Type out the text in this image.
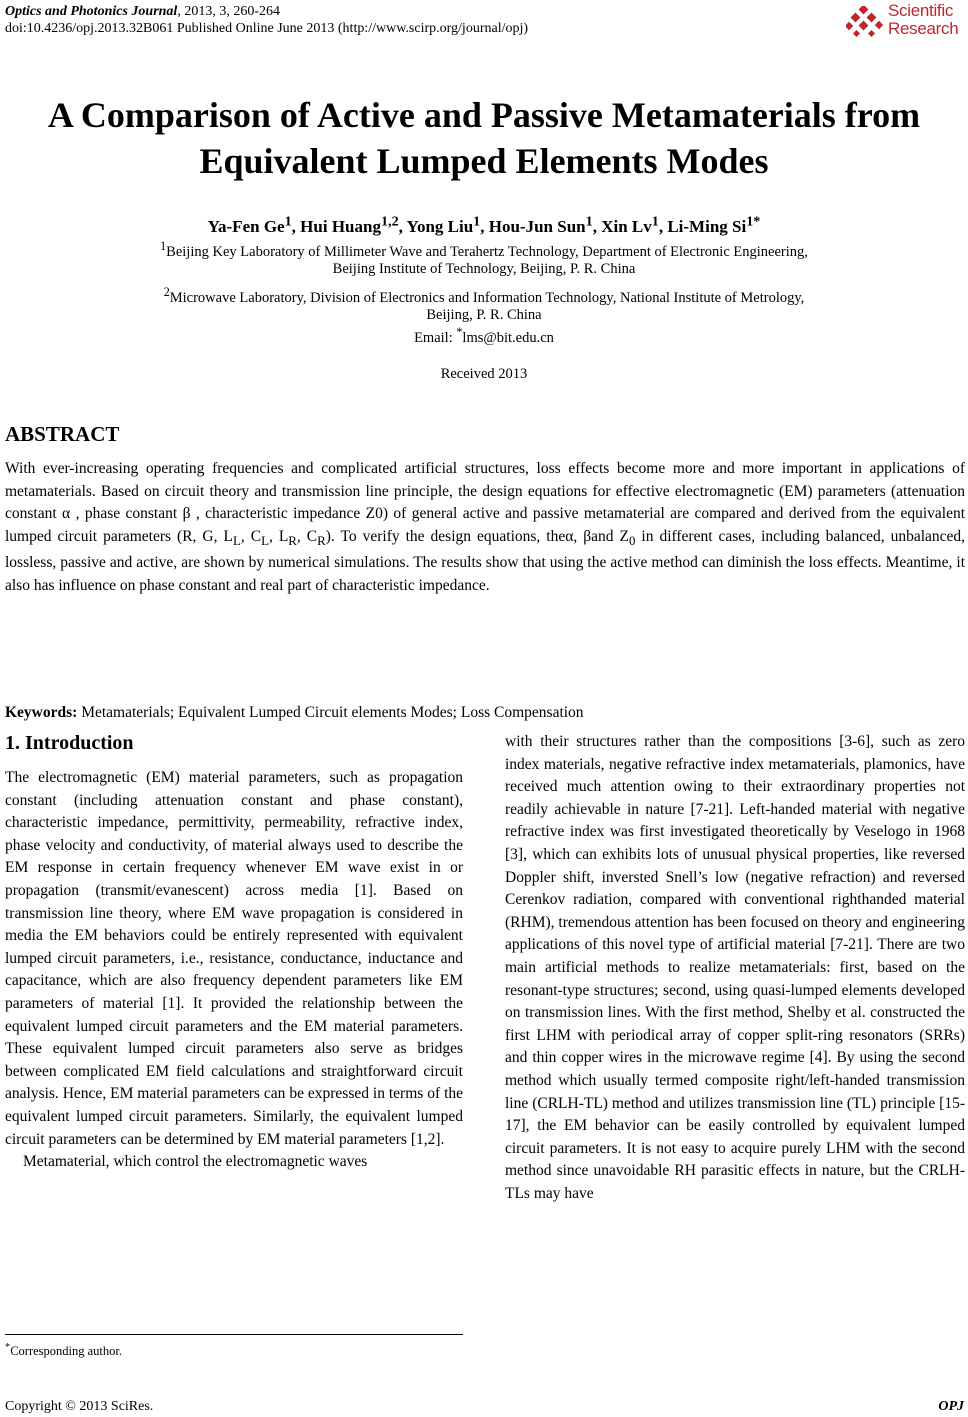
Optics and Photonics Journal, 2013, 3, 260-264
doi:10.4236/opj.2013.32B061 Published Online June 2013 (http://www.scirp.org/journal/opj)
Scientific
Research
A Comparison of Active and Passive Metamaterials from
Equivalent Lumped Elements Modes
Ya-Fen Ge$^1$, Hui Huang$^{1,2}$, Yong Liu$^1$, Hou-Jun Sun$^1$, Xin Lv$^1$, Li-Ming $Si^{1*}$
$^1$Beijing Key Laboratory of Millimeter Wave and Terahertz Technology, Department of Electronic Engineering,
Beijing Institute of Technology, Beijing, P. R. China
$^2$Microwave Laboratory, Division of Electronics and Information Technology, National Institute of Metrology,
Beijing, P. R. China
Email: *lms@bit.edu.cn
Received 2013
ABSTRACT
With ever-increasing operating frequencies and complicated artificial structures, loss effects become more and more important in applications of metamaterials. Based on circuit theory and transmission line principle, the design equations for effective electromagnetic (EM) parameters (attenuation constant α , phase constant β , characteristic impedance Z0) of general active and passive metamaterial are compared and derived from the equivalent lumped circuit parameters (R, G, $L_L$, $C_L$, $L_R$, $C_R$). To verify the design equations, theα, βand $Z_0$ in different cases, including balanced, unbalanced, lossless, passive and active, are shown by numerical simulations. The results show that using the active method can diminish the loss effects. Meantime, it also has influence on phase constant and real part of characteristic impedance.
Keywords: Metamaterials; Equivalent Lumped Circuit elements Modes; Loss Compensation
1. Introduction

The electromagnetic (EM) material parameters, such as propagation constant (including attenuation constant and phase constant), characteristic impedance, permittivity, permeability, refractive index, phase velocity and conductivity, of material always used to describe the EM response in certain frequency whenever EM wave exist in or propagation (transmit/evanescent) across media [1]. Based on transmission line theory, where EM wave propagation is considered in media the EM behaviors could be entirely represented with equivalent lumped circuit parameters, i.e., resistance, conductance, inductance and capacitance, which are also frequency dependent parameters like EM parameters of material [1]. It provided the relationship between the equivalent lumped circuit parameters and the EM material parameters. These equivalent lumped circuit parameters also serve as bridges between complicated EM field calculations and straightforward circuit analysis. Hence, EM material parameters can be expressed in terms of the equivalent lumped circuit parameters. Similarly, the equivalent lumped circuit parameters can be determined by EM material parameters [1,2].

Metamaterial, which control the electromagnetic waves

with their structures rather than the compositions [3-6], such as zero index materials, negative refractive index metamaterials, plamonics, have received much attention owing to their extraordinary properties not readily achievable in nature [7-21]. Left-handed material with negative refractive index was first investigated theoretically by Veselogo in 1968 [3], which can exhibits lots of unusual physical properties, like reversed Doppler shift, inversted Snell’s low (negative refraction) and reversed Cerenkov radiation, compared with conventional righthanded material (RHM), tremendous attention has been focused on theory and engineering applications of this novel type of artificial material [7-21]. There are two main artificial methods to realize metamaterials: first, based on the resonant-type structures; second, using quasi-lumped elements developed on transmission lines. With the first method, Shelby et al. constructed the first LHM with periodical array of copper split-ring resonators (SRRs) and thin copper wires in the microwave regime [4]. By using the second method which usually termed composite right/left-handed transmission line (CRLH-TL) method and utilizes transmission line (TL) principle [15-17], the EM behavior can be easily controlled by equivalent lumped circuit parameters. It is not easy to acquire purely LHM with the second method since unavoidable RH parasitic effects in nature, but the CRLH-TLs may have

*Corresponding author.
Copyright © 2013 SciRes.	OPJ
